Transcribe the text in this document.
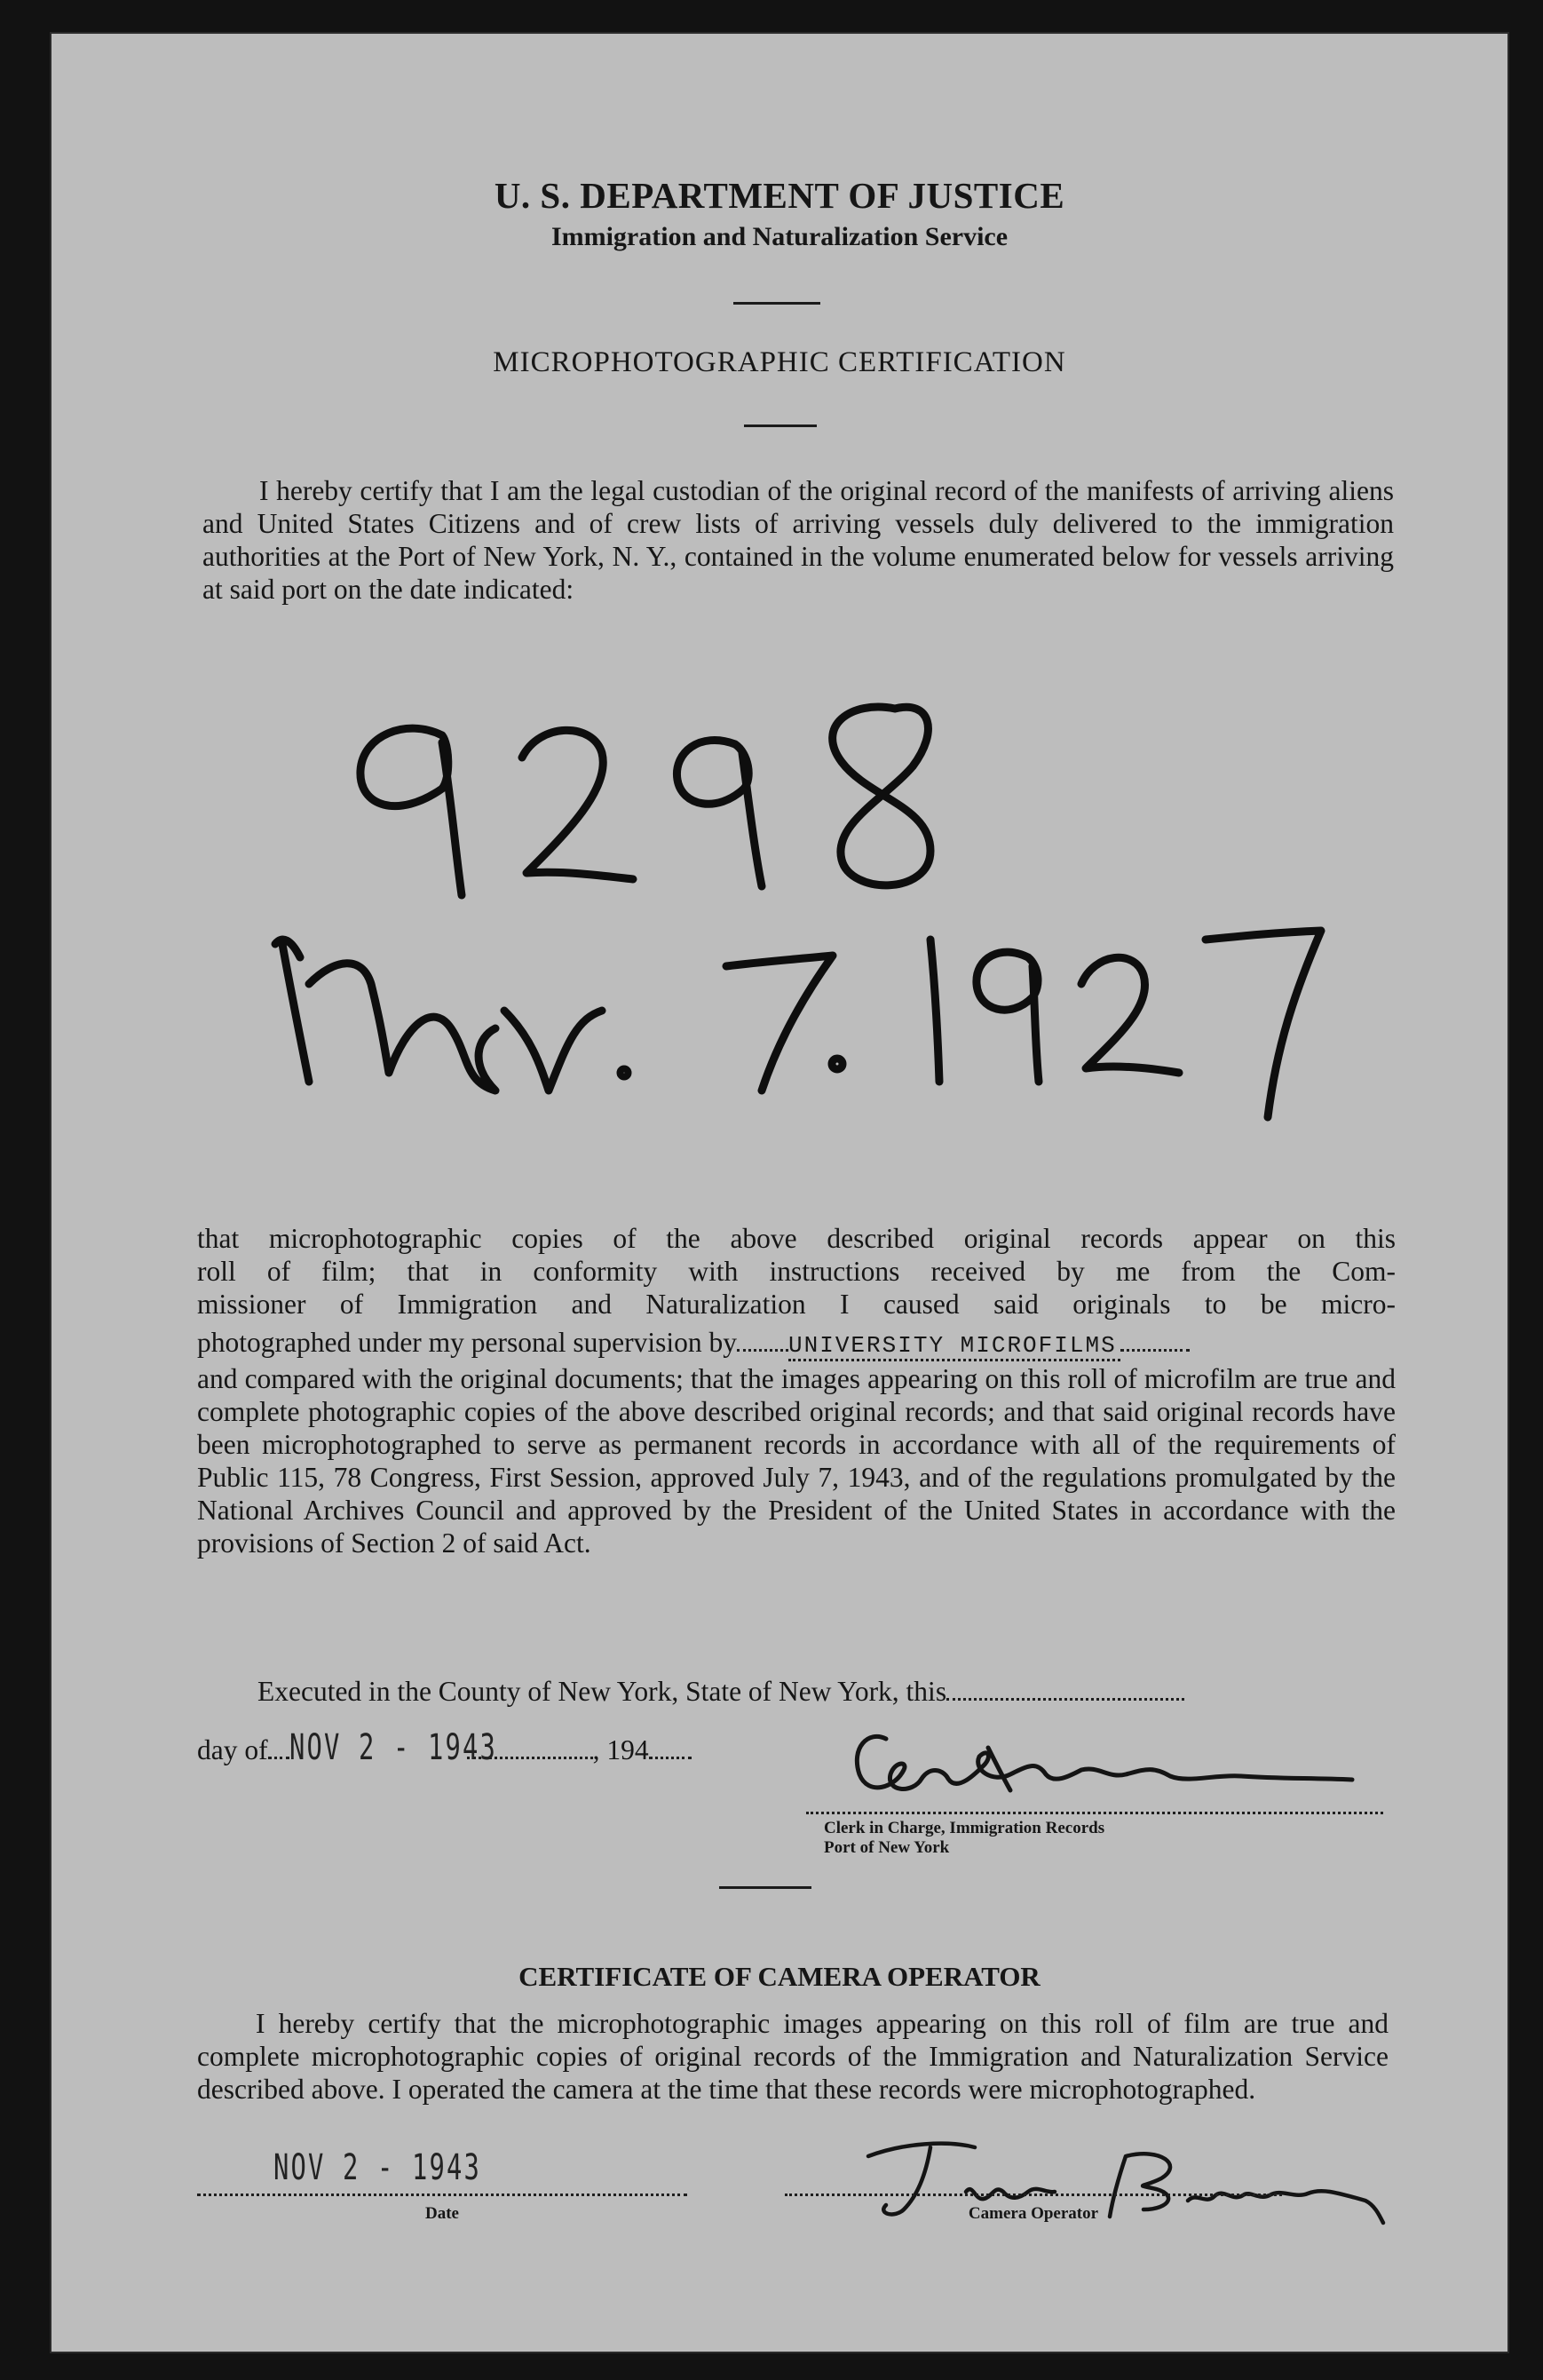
U. S. DEPARTMENT OF JUSTICE
Immigration and Naturalization Service
MICROPHOTOGRAPHIC CERTIFICATION
I hereby certify that I am the legal custodian of the original record of the manifests of arriving aliens and United States Citizens and of crew lists of arriving vessels duly delivered to the immigration authorities at the Port of New York, N. Y., contained in the volume enumerated below for vessels arriving at said port on the date indicated:
that microphotographic copies of the above described original records appear on this
roll of film; that in conformity with instructions received by me from the Com-
missioner of Immigration and Naturalization I caused said originals to be micro-
photographed under my personal supervision by UNIVERSITY MICROFILMS
and compared with the original documents; that the images appearing on this roll of microfilm are true and complete photographic copies of the above described original records; and that said original records have been microphotographed to serve as permanent records in accordance with all of the requirements of Public 115, 78 Congress, First Session, approved July 7, 1943, and of the regulations promulgated by the National Archives Council and approved by the President of the United States in accordance with the provisions of Section 2 of said Act.
Executed in the County of New York, State of New York, this
day of NOV 2 - 1943	, 194
Clerk in Charge, Immigration Records
Port of New York
CERTIFICATE OF CAMERA OPERATOR
I hereby certify that the microphotographic images appearing on this roll of film are true and complete microphotographic copies of original records of the Immigration and Naturalization Service described above. I operated the camera at the time that these records were microphotographed.
NOV 2 - 1943
Date	Camera Operator
